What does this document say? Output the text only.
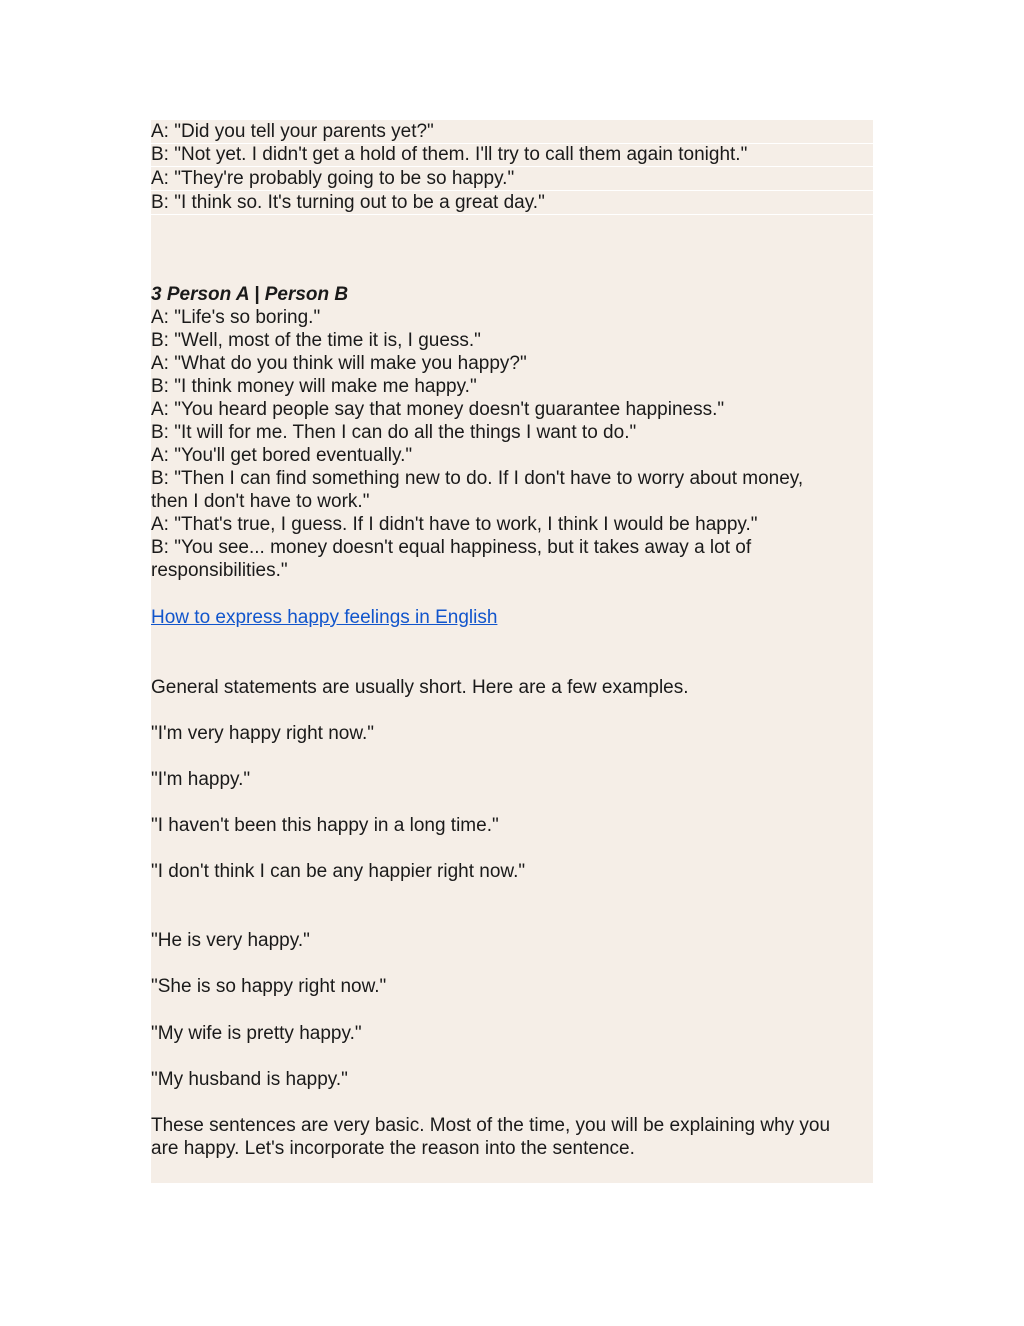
A: "Did you tell your parents yet?"
B: "Not yet. I didn't get a hold of them. I'll try to call them again tonight."
A: "They're probably going to be so happy."
B: "I think so. It's turning out to be a great day."
3 Person A | Person B
A: "Life's so boring."
B: "Well, most of the time it is, I guess."
A: "What do you think will make you happy?"
B: "I think money will make me happy."
A: "You heard people say that money doesn't guarantee happiness."
B: "It will for me. Then I can do all the things I want to do."
A: "You'll get bored eventually."
B: "Then I can find something new to do. If I don't have to worry about money,
then I don't have to work."
A: "That's true, I guess. If I didn't have to work, I think I would be happy."
B: "You see... money doesn't equal happiness, but it takes away a lot of
responsibilities."
How to express happy feelings in English
General statements are usually short. Here are a few examples.
"I'm very happy right now."
"I'm happy."
"I haven't been this happy in a long time."
"I don't think I can be any happier right now."
"He is very happy."
"She is so happy right now."
"My wife is pretty happy."
"My husband is happy."
These sentences are very basic. Most of the time, you will be explaining why you
are happy. Let's incorporate the reason into the sentence.
